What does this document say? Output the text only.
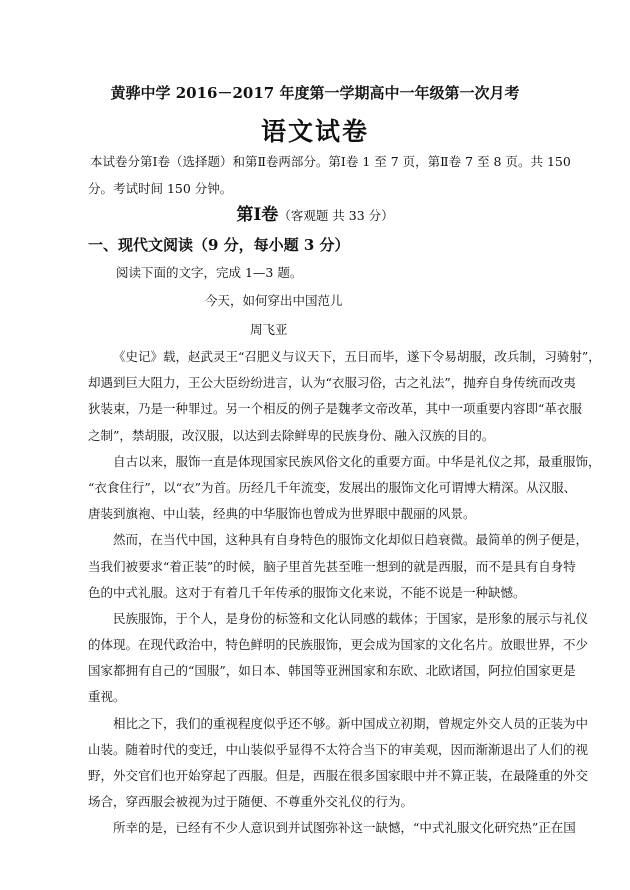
黄骅中学 2016－2017 年度第一学期高中一年级第一次月考
语文试卷
本试卷分第Ⅰ卷（选择题）和第Ⅱ卷两部分。第Ⅰ卷 1 至 7 页，第Ⅱ卷 7 至 8 页。共 150
分。考试时间 150 分钟。
第Ⅰ卷（客观题 共 33 分）
一、现代文阅读（9 分，每小题 3 分）
阅读下面的文字，完成 1—3 题。
今天，如何穿出中国范儿
周飞亚
《史记》载，赵武灵王“召肥义与议天下，五日而毕，遂下令易胡服，改兵制，习骑射”，
却遇到巨大阻力，王公大臣纷纷进言，认为“衣服习俗，古之礼法”，抛弃自身传统而改夷
狄装束，乃是一种罪过。另一个相反的例子是魏孝文帝改革，其中一项重要内容即“革衣服
之制”，禁胡服，改汉服，以达到去除鲜卑的民族身份、融入汉族的目的。
自古以来，服饰一直是体现国家民族风俗文化的重要方面。中华是礼仪之邦，最重服饰，
“衣食住行”，以“衣”为首。历经几千年流变，发展出的服饰文化可谓博大精深。从汉服、
唐装到旗袍、中山装，经典的中华服饰也曾成为世界眼中靓丽的风景。
然而，在当代中国，这种具有自身特色的服饰文化却似日趋衰微。最简单的例子便是，
当我们被要求“着正装”的时候，脑子里首先甚至唯一想到的就是西服，而不是具有自身特
色的中式礼服。这对于有着几千年传承的服饰文化来说，不能不说是一种缺憾。
民族服饰，于个人，是身份的标签和文化认同感的载体；于国家，是形象的展示与礼仪
的体现。在现代政治中，特色鲜明的民族服饰，更会成为国家的文化名片。放眼世界，不少
国家都拥有自己的“国服”，如日本、韩国等亚洲国家和东欧、北欧诸国，阿拉伯国家更是
重视。
相比之下，我们的重视程度似乎还不够。新中国成立初期，曾规定外交人员的正装为中
山装。随着时代的变迁，中山装似乎显得不太符合当下的审美观，因而渐渐退出了人们的视
野，外交官们也开始穿起了西服。但是，西服在很多国家眼中并不算正装，在最隆重的外交
场合，穿西服会被视为过于随便、不尊重外交礼仪的行为。
所幸的是，已经有不少人意识到并试图弥补这一缺憾，“中式礼服文化研究热”正在国
